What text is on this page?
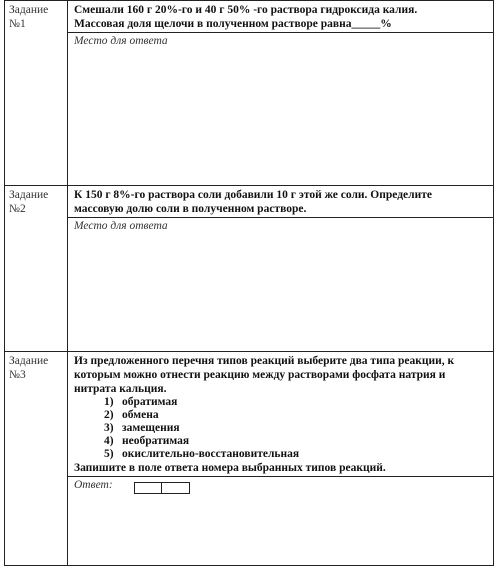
Задание
№1
Смешали 160 г 20%-го и 40 г 50% -го раствора гидроксида калия.
Массовая доля щелочи в полученном растворе равна_____%
Место для ответа
Задание
№2
К 150 г 8%-го раствора соли добавили 10 г этой же соли. Определите
массовую долю соли в полученном растворе.
Место для ответа
Задание
№3
Из предложенного перечня типов реакций выберите два типа реакции, к
которым можно отнести реакцию между растворами фосфата натрия и
нитрата кальция.
1) обратимая
2) обмена
3) замещения
4) необратимая
5) окислительно-восстановительная
Запишите в поле ответа номера выбранных типов реакций.
Ответ:
